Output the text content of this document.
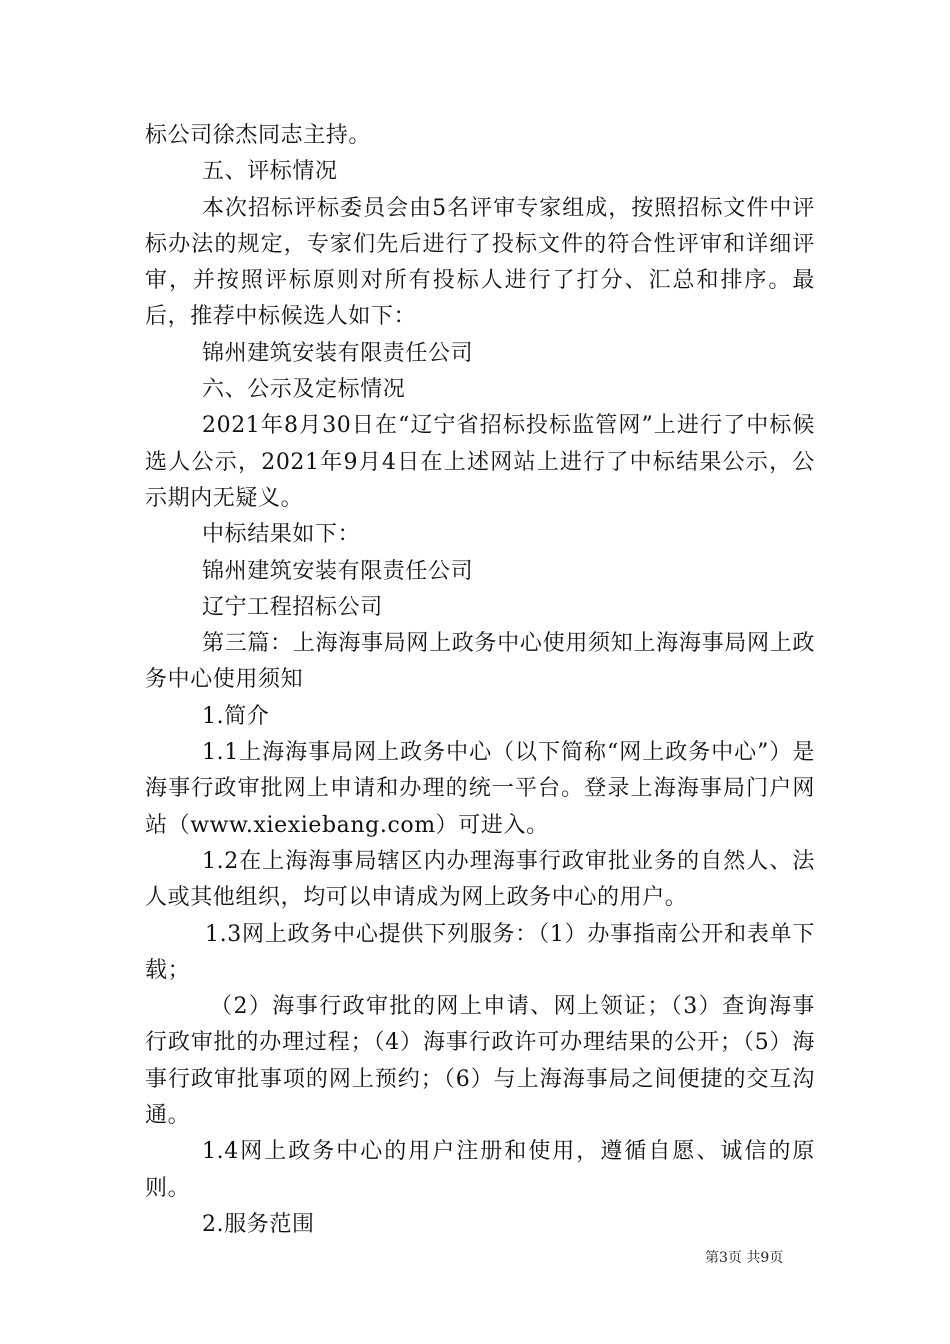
标公司徐杰同志主持。

五、评标情况

本次招标评标委员会由5名评审专家组成，按照招标文件中评标办法的规定，专家们先后进行了投标文件的符合性评审和详细评审，并按照评标原则对所有投标人进行了打分、汇总和排序。最后，推荐中标候选人如下：

锦州建筑安装有限责任公司

六、公示及定标情况

2021年8月30日在“辽宁省招标投标监管网”上进行了中标候选人公示，2021年9月4日在上述网站上进行了中标结果公示，公示期内无疑义。

中标结果如下：

锦州建筑安装有限责任公司

辽宁工程招标公司

第三篇：上海海事局网上政务中心使用须知上海海事局网上政务中心使用须知

1.简介

1.1上海海事局网上政务中心（以下简称“网上政务中心”）是海事行政审批网上申请和办理的统一平台。登录上海海事局门户网站（www.xiexiebang.com）可进入。

1.2在上海海事局辖区内办理海事行政审批业务的自然人、法人或其他组织，均可以申请成为网上政务中心的用户。

1.3网上政务中心提供下列服务：（1）办事指南公开和表单下载；

（2）海事行政审批的网上申请、网上领证；（3）查询海事行政审批的办理过程；（4）海事行政许可办理结果的公开；（5）海事行政审批事项的网上预约；（6）与上海海事局之间便捷的交互沟通。

1.4网上政务中心的用户注册和使用，遵循自愿、诚信的原则。

2.服务范围

第3页 共9页
